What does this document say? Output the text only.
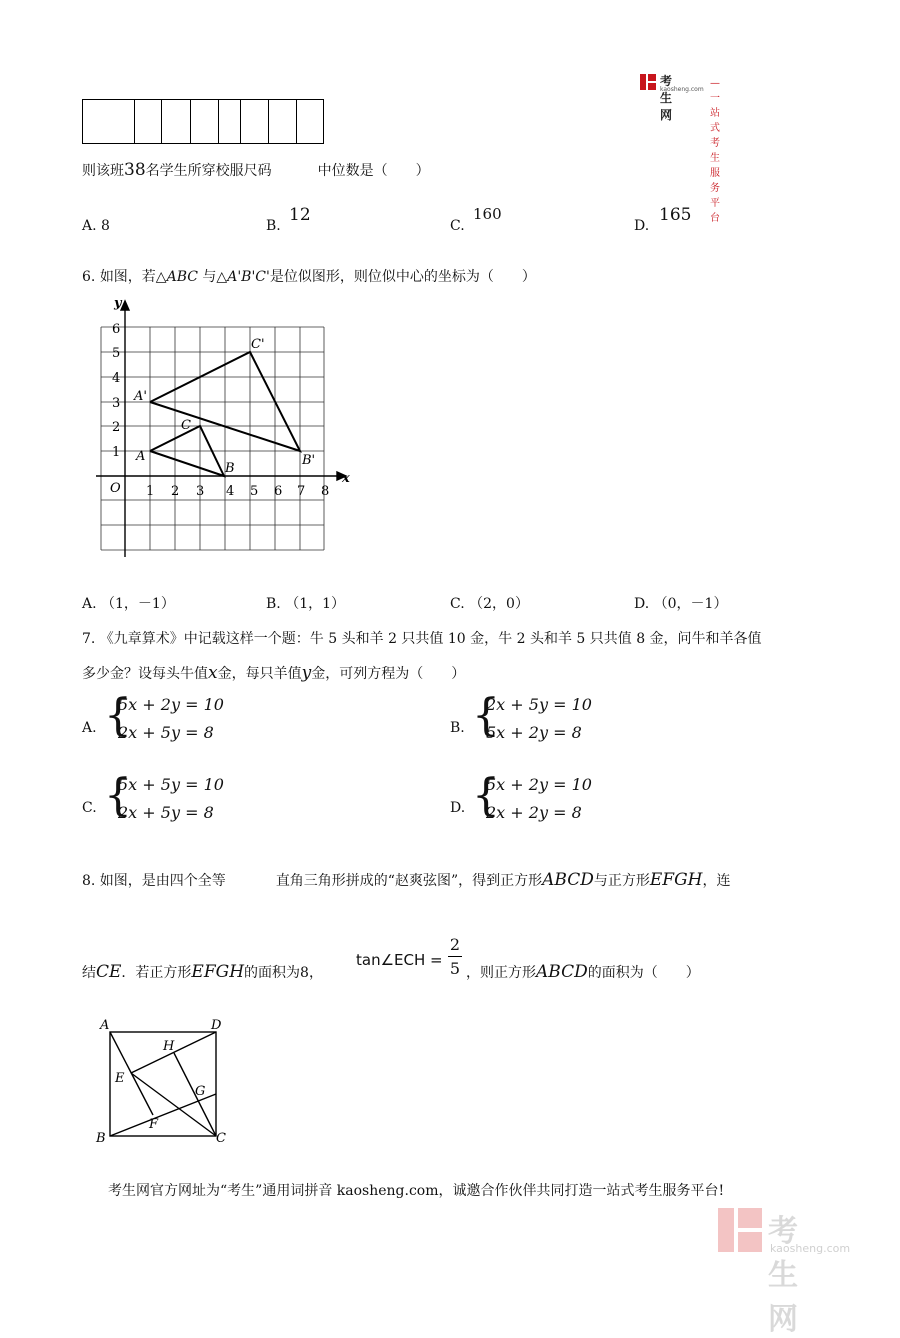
考生网
kaosheng.com
—一站式考生服务平台

则该班38名学生所穿校服尺码	中位数是（　　）
A. 8	B.
12
C.
160
D.
165
6. 如图，若△ABC 与△A'B'C'是位似图形，则位似中心的坐标为（　　）
y
x
O 1 2 3 4 5 6 7 8
1
2
3
4
5
6
A
B
C
A'
B'
C'
A. （1，－1）	B. （1，1）	C. （2，0）	D. （0，－1）
7. 《九章算术》中记载这样一个题：牛 5 头和羊 2 只共值 10 金，牛 2 头和羊 5 只共值 8 金，问牛和羊各值
多少金？设每头牛值x金，每只羊值y金，可列方程为（　　）
A. {
5x + 2y = 10
2x + 5y = 8	B. {
2x + 5y = 10
5x + 2y = 8
C. {
5x + 5y = 10
2x + 5y = 8	D. {
5x + 2y = 10
2x + 2y = 8
8. 如图，是由四个全等	直角三角形拼成的“赵爽弦图”，得到正方形ABCD与正方形EFGH，连
结CE．若正方形EFGH的面积为8，
tan∠ECH =
2
5 ，则正方形ABCD的面积为（　　）
A	D
B	C
E
F
G
H
考生网官方网址为“考生”通用词拼音 kaosheng.com，诚邀合作伙伴共同打造一站式考生服务平台!
考生网
kaosheng.com
